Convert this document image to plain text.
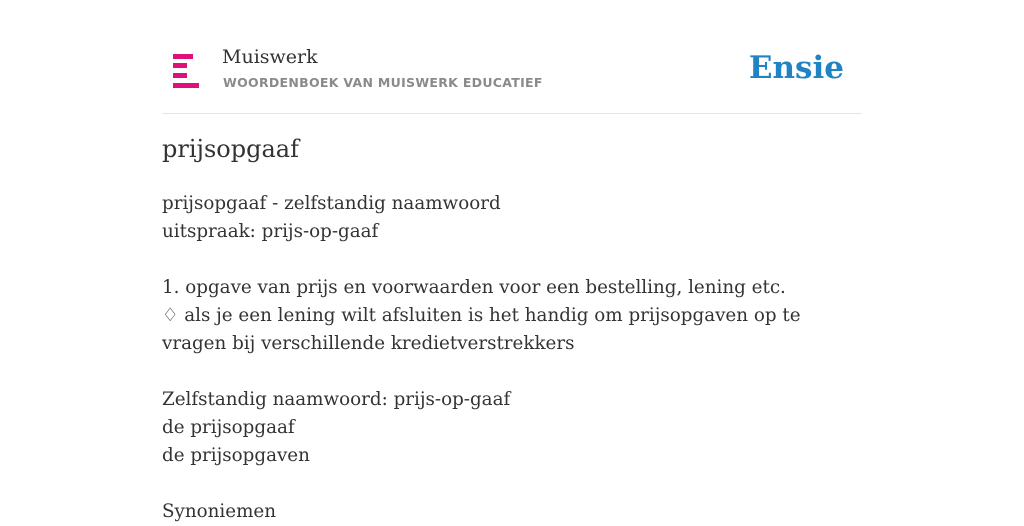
Muiswerk
WOORDENBOEK VAN MUISWERK EDUCATIEF	Ensie
prijsopgaaf
prijsopgaaf - zelfstandig naamwoord
uitspraak: prijs-op-gaaf
1. opgave van prijs en voorwaarden voor een bestelling, lening etc.
♢ als je een lening wilt afsluiten is het handig om prijsopgaven op te vragen bij verschillende kredietverstrekkers
Zelfstandig naamwoord: prijs-op-gaaf
de prijsopgaaf
de prijsopgaven
Synoniemen
